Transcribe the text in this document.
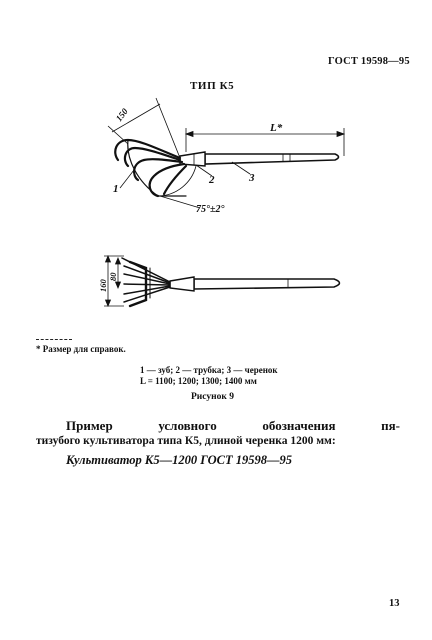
ГОСТ 19598—95
ТИП К5
L*
150
75°±2°
1
2	3
80
160
* Размер для справок.
1 — зуб; 2 — трубка; 3 — черенок
L = 1100; 1200; 1300; 1400 мм
Рисунок 9
Пример условного обозначения пя-
тизубого культиватора типа К5, длиной черенка 1200 мм:
Культиватор К5—1200 ГОСТ 19598—95
13
